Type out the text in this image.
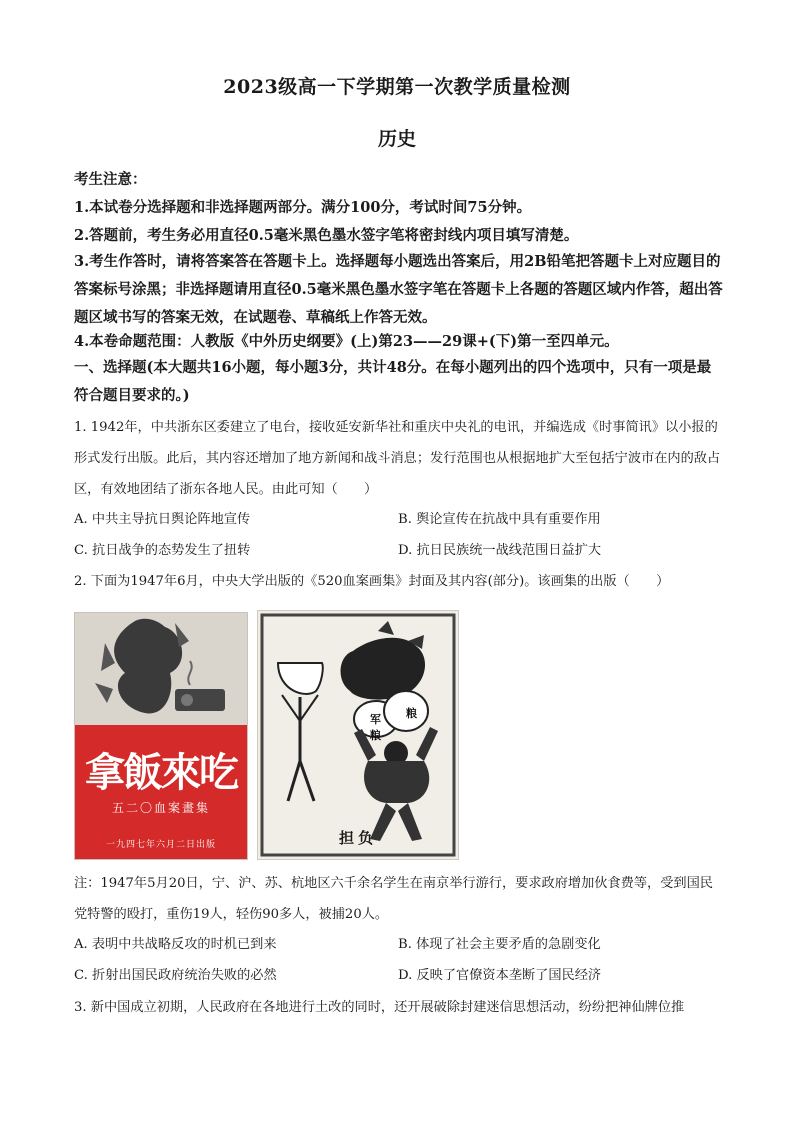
2023级高一下学期第一次教学质量检测
历史
考生注意：
1.本试卷分选择题和非选择题两部分。满分100分，考试时间75分钟。
2.答题前，考生务必用直径0.5毫米黑色墨水签字笔将密封线内项目填写清楚。
3.考生作答时，请将答案答在答题卡上。选择题每小题选出答案后，用2B铅笔把答题卡上对应题目的答案标号涂黑；非选择题请用直径0.5毫米黑色墨水签字笔在答题卡上各题的答题区域内作答，超出答题区域书写的答案无效，在试题卷、草稿纸上作答无效。
4.本卷命题范围：人教版《中外历史纲要》(上)第23——29课+(下)第一至四单元。
一、选择题(本大题共16小题，每小题3分，共计48分。在每小题列出的四个选项中，只有一项是最符合题目要求的。)
1. 1942年，中共浙东区委建立了电台，接收延安新华社和重庆中央礼的电讯，并编选成《时事简讯》以小报的形式发行出版。此后，其内容还增加了地方新闻和战斗消息；发行范围也从根据地扩大至包括宁波市在内的敌占区，有效地团结了浙东各地人民。由此可知（　　）
A. 中共主导抗日舆论阵地宣传	B. 舆论宣传在抗战中具有重要作用
C. 抗日战争的态势发生了扭转	D. 抗日民族统一战线范围日益扩大
2. 下面为1947年6月，中央大学出版的《520血案画集》封面及其内容(部分)。该画集的出版（　　）
拿飯來吃
五二〇血案畫集
一九四七年六月二日出版
军
粮
粮
担负
注：1947年5月20日，宁、沪、苏、杭地区六千余名学生在南京举行游行，要求政府增加伙食费等，受到国民党特警的殴打，重伤19人，轻伤90多人，被捕20人。
A. 表明中共战略反攻的时机已到来	B. 体现了社会主要矛盾的急剧变化
C. 折射出国民政府统治失败的必然	D. 反映了官僚资本垄断了国民经济
3. 新中国成立初期，人民政府在各地进行土改的同时，还开展破除封建迷信思想活动，纷纷把神仙牌位推
